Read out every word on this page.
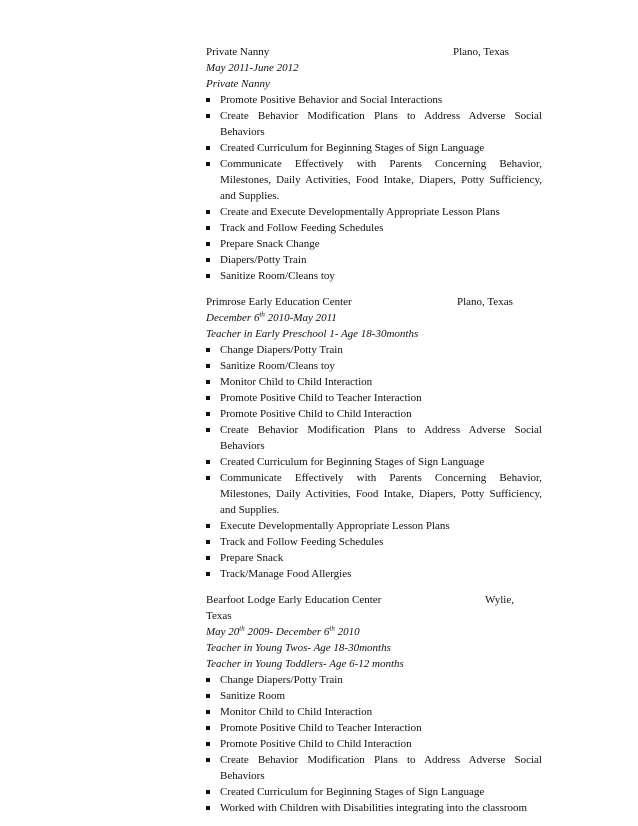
Private Nanny	Plano, Texas
May 2011-June 2012
Private Nanny
Promote Positive Behavior and Social Interactions
Create Behavior Modification Plans to Address Adverse Social Behaviors
Created Curriculum for Beginning Stages of Sign Language
Communicate Effectively with Parents Concerning Behavior, Milestones, Daily Activities, Food Intake, Diapers, Potty Sufficiency, and Supplies.
Create and Execute Developmentally Appropriate Lesson Plans
Track and Follow Feeding Schedules
Prepare Snack Change
Diapers/Potty Train
Sanitize Room/Cleans toy
Primrose Early Education Center	Plano, Texas
December 6th 2010-May 2011
Teacher in Early Preschool 1- Age 18-30months
Change Diapers/Potty Train
Sanitize Room/Cleans toy
Monitor Child to Child Interaction
Promote Positive Child to Teacher Interaction
Promote Positive Child to Child Interaction
Create Behavior Modification Plans to Address Adverse Social Behaviors
Created Curriculum for Beginning Stages of Sign Language
Communicate Effectively with Parents Concerning Behavior, Milestones, Daily Activities, Food Intake, Diapers, Potty Sufficiency, and Supplies.
Execute Developmentally Appropriate Lesson Plans
Track and Follow Feeding Schedules
Prepare Snack
Track/Manage Food Allergies
Bearfoot Lodge Early Education Center	Wylie,
Texas
May 20th 2009- December 6th 2010
Teacher in Young Twos- Age 18-30months
Teacher in Young Toddlers- Age 6-12 months
Change Diapers/Potty Train
Sanitize Room
Monitor Child to Child Interaction
Promote Positive Child to Teacher Interaction
Promote Positive Child to Child Interaction
Create Behavior Modification Plans to Address Adverse Social Behaviors
Created Curriculum for Beginning Stages of Sign Language
Worked with Children with Disabilities integrating into the classroom
